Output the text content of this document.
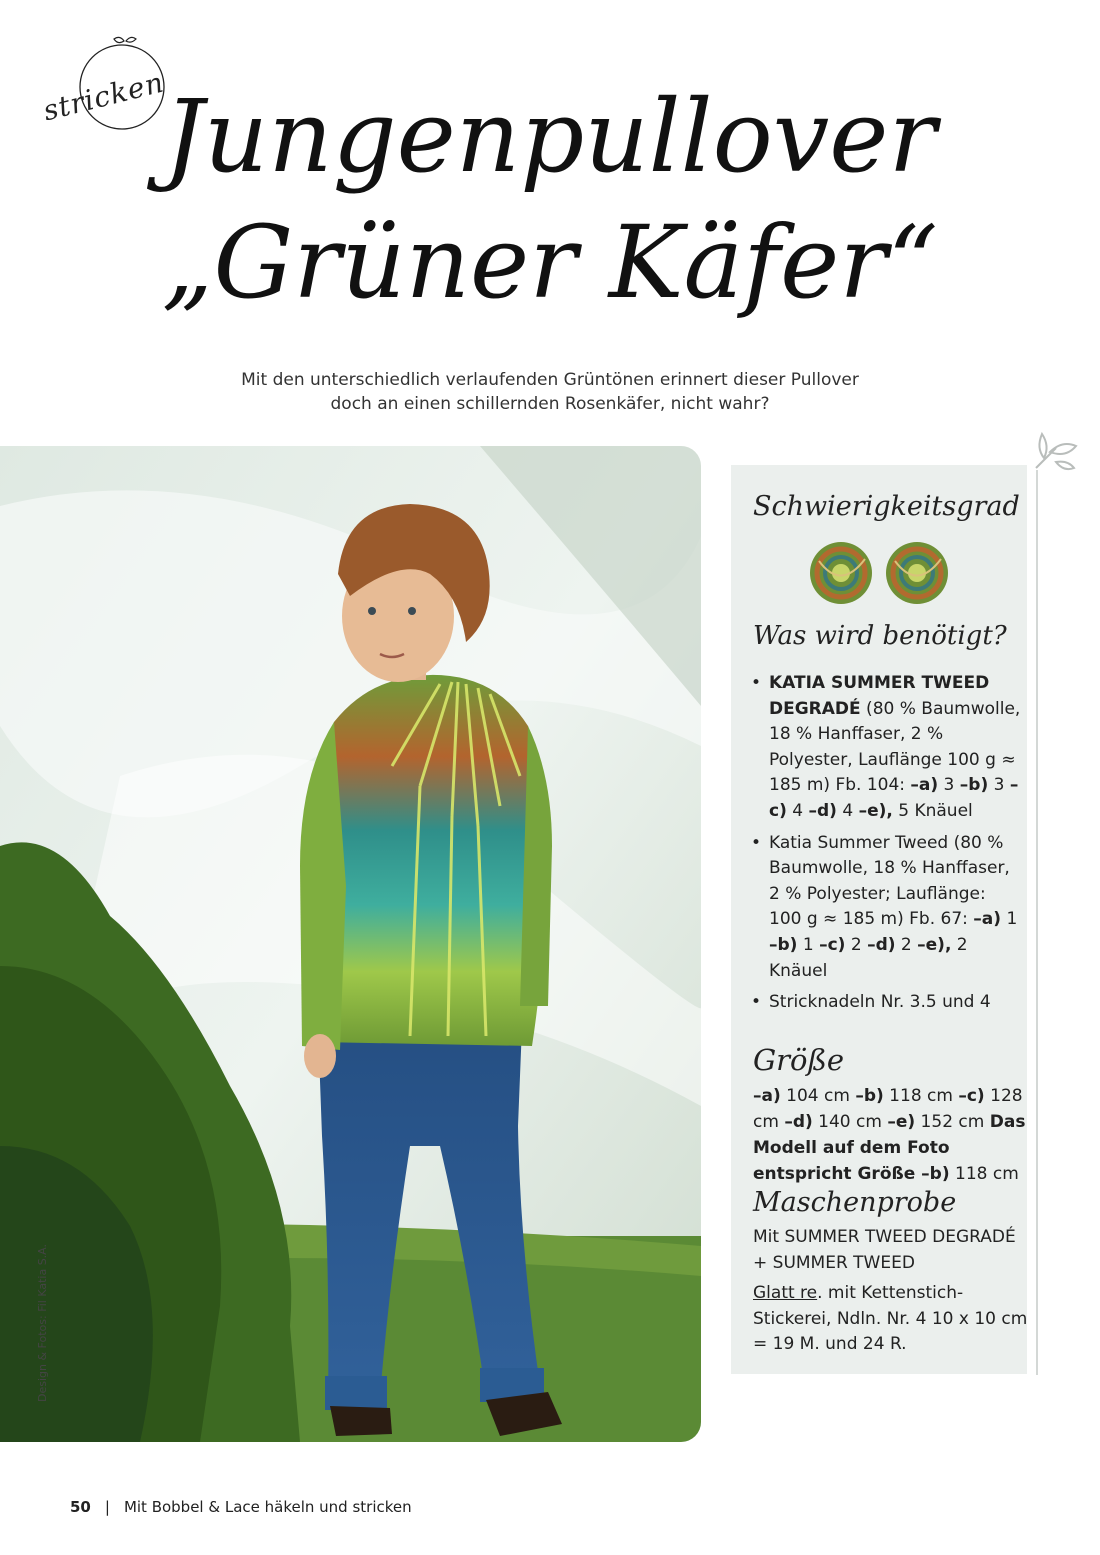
stricken
Jungenpullover
„Grüner Käfer“
Mit den unterschiedlich verlaufenden Grüntönen erinnert dieser Pullover
doch an einen schillernden Rosenkäfer, nicht wahr?
Design & Fotos: Fil Katia S.A.
Schwierigkeitsgrad
Was wird benötigt?
• KATIA SUMMER TWEED DEGRADÉ (80 % Baumwolle, 18 % Hanffaser, 2 % Polyester, Lauflänge 100 g ≈ 185 m) Fb. 104: –a) 3 –b) 3 –c) 4 –d) 4 –e), 5 Knäuel
• Katia Summer Tweed (80 % Baumwolle, 18 % Hanffaser, 2 % Polyester; Lauflänge: 100 g ≈ 185 m) Fb. 67: –a) 1 –b) 1 –c) 2 –d) 2 –e), 2 Knäuel
• Stricknadeln Nr. 3.5 und 4
Größe
–a) 104 cm –b) 118 cm –c) 128 cm –d) 140 cm –e) 152 cm Das Modell auf dem Foto entspricht Größe –b) 118 cm
Maschenprobe

Mit SUMMER TWEED DEGRADÉ + SUMMER TWEED

Glatt re. mit Kettenstich-Stickerei, Ndln. Nr. 4 10 x 10 cm = 19 M. und 24 R.

50 | Mit Bobbel & Lace häkeln und stricken
